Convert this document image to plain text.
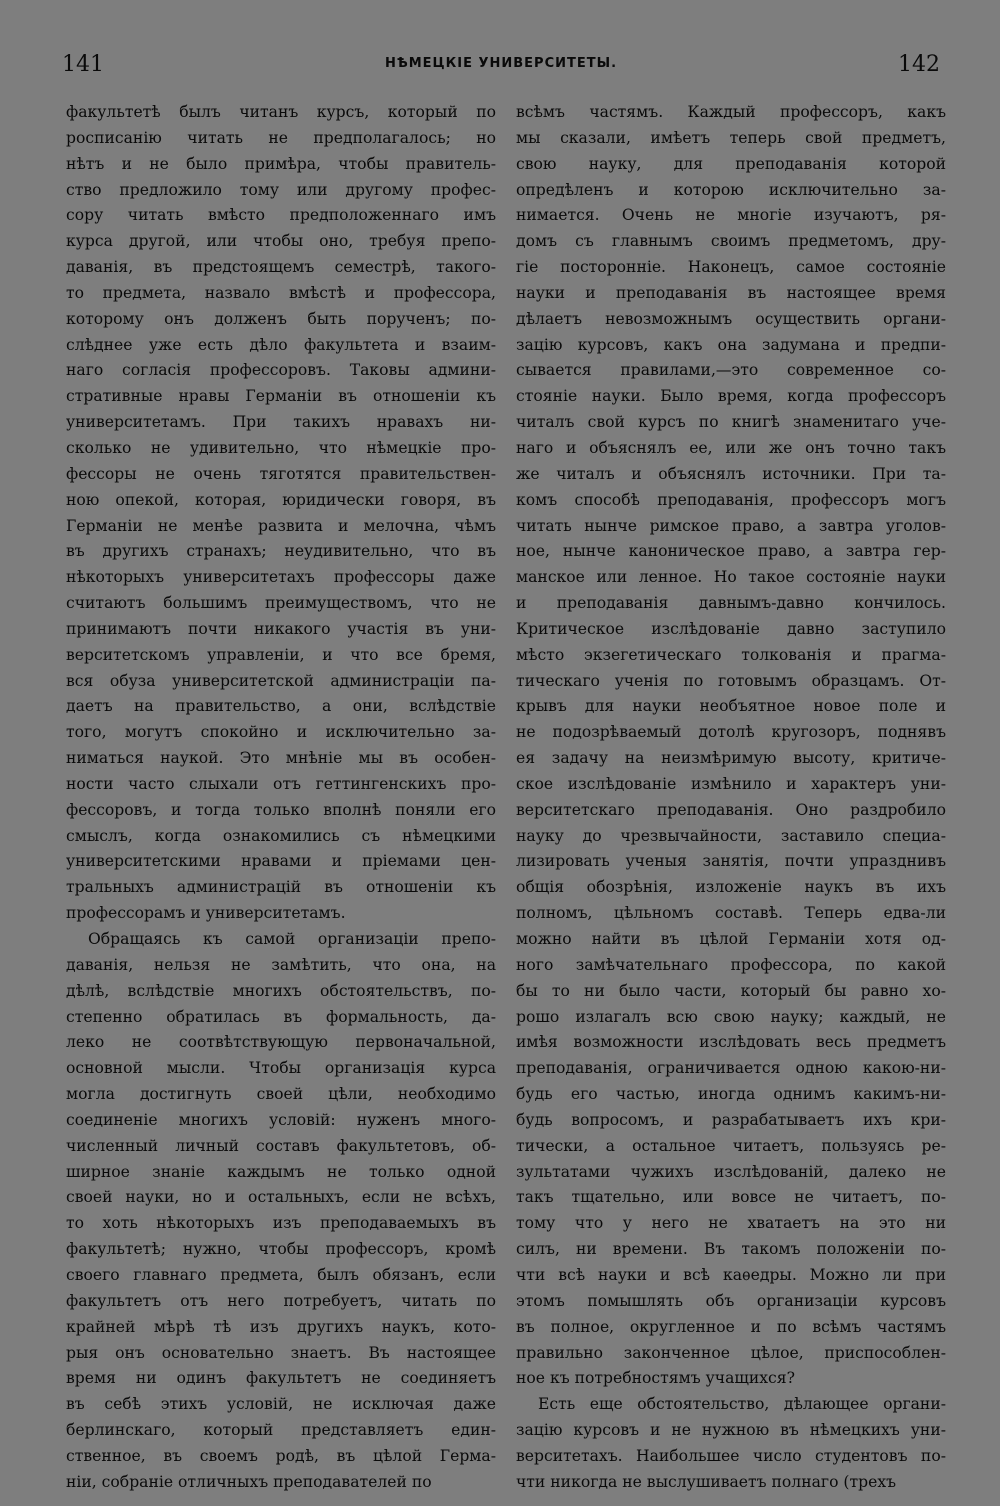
141	НѢМЕЦКІЕ УНИВЕРСИТЕТЫ.	142

факультетѣ былъ читанъ курсъ, который по

росписанію читать не предполагалось; но

нѣтъ и не было примѣра, чтобы правитель-

ство предложило тому или другому профес-

сору читать вмѣсто предположеннаго имъ

курса другой, или чтобы оно, требуя препо-

даванія, въ предстоящемъ семестрѣ, такого-

то предмета, назвало вмѣстѣ и профессора,

которому онъ долженъ быть порученъ; по-

слѣднее уже есть дѣло факультета и взаим-

наго согласія профессоровъ. Таковы админи-

стративные нравы Германіи въ отношеніи къ

университетамъ. При такихъ нравахъ ни-

сколько не удивительно, что нѣмецкіе про-

фессоры не очень тяготятся правительствен-

ною опекой, которая, юридически говоря, въ

Германіи не менѣе развита и мелочна, чѣмъ

въ другихъ странахъ; неудивительно, что въ

нѣкоторыхъ университетахъ профессоры даже

считаютъ большимъ преимуществомъ, что не

принимаютъ почти никакого участія въ уни-

верситетскомъ управленіи, и что все бремя,

вся обуза университетской администраціи па-

даетъ на правительство, а они, вслѣдствіе

того, могутъ спокойно и исключительно за-

ниматься наукой. Это мнѣніе мы въ особен-

ности часто слыхали отъ геттингенскихъ про-

фессоровъ, и тогда только вполнѣ поняли его

смыслъ, когда ознакомились съ нѣмецкими

университетскими нравами и пріемами цен-

тральныхъ администрацій въ отношеніи къ

профессорамъ и университетамъ.

Обращаясь къ самой организаціи препо-

даванія, нельзя не замѣтить, что она, на

дѣлѣ, вслѣдствіе многихъ обстоятельствъ, по-

степенно обратилась въ формальность, да-

леко не соотвѣтствующую первоначальной,

основной мысли. Чтобы организація курса

могла достигнуть своей цѣли, необходимо

соединеніе многихъ условій: нуженъ много-

численный личный составъ факультетовъ, об-

ширное знаніе каждымъ не только одной

своей науки, но и остальныхъ, если не всѣхъ,

то хоть нѣкоторыхъ изъ преподаваемыхъ въ

факультетѣ; нужно, чтобы профессоръ, кромѣ

своего главнаго предмета, былъ обязанъ, если

факультетъ отъ него потребуетъ, читать по

крайней мѣрѣ тѣ изъ другихъ наукъ, кото-

рыя онъ основательно знаетъ. Въ настоящее

время ни одинъ факультетъ не соединяетъ

въ себѣ этихъ условій, не исключая даже

берлинскаго, который представляетъ един-

ственное, въ своемъ родѣ, въ цѣлой Герма-

ніи, собраніе отличныхъ преподавателей по

всѣмъ частямъ. Каждый профессоръ, какъ

мы сказали, имѣетъ теперь свой предметъ,

свою науку, для преподаванія которой

опредѣленъ и которою исключительно за-

нимается. Очень не многіе изучаютъ, ря-

домъ съ главнымъ своимъ предметомъ, дру-

гіе посторонніе. Наконецъ, самое состояніе

науки и преподаванія въ настоящее время

дѣлаетъ невозможнымъ осуществить органи-

зацію курсовъ, какъ она задумана и предпи-

сывается правилами,—это современное со-

стояніе науки. Было время, когда профессоръ

читалъ свой курсъ по книгѣ знаменитаго уче-

наго и объяснялъ ее, или же онъ точно такъ

же читалъ и объяснялъ источники. При та-

комъ способѣ преподаванія, профессоръ могъ

читать нынче римское право, а завтра уголов-

ное, нынче каноническое право, а завтра гер-

манское или ленное. Но такое состояніе науки

и преподаванія давнымъ-давно кончилось.

Критическое изслѣдованіе давно заступило

мѣсто экзегетическаго толкованія и прагма-

тическаго ученія по готовымъ образцамъ. От-

крывъ для науки необъятное новое поле и

не подозрѣваемый дотолѣ кругозоръ, поднявъ

ея задачу на неизмѣримую высоту, критиче-

ское изслѣдованіе измѣнило и характеръ уни-

верситетскаго преподаванія. Оно раздробило

науку до чрезвычайности, заставило специа-

лизировать ученыя занятія, почти упразднивъ

общія обозрѣнія, изложеніе наукъ въ ихъ

полномъ, цѣльномъ составѣ. Теперь едва-ли

можно найти въ цѣлой Германіи хотя од-

ного замѣчательнаго профессора, по какой

бы то ни было части, который бы равно хо-

рошо излагалъ всю свою науку; каждый, не

имѣя возможности изслѣдовать весь предметъ

преподаванія, ограничивается одною какою-ни-

будь его частью, иногда однимъ какимъ-ни-

будь вопросомъ, и разрабатываетъ ихъ кри-

тически, а остальное читаетъ, пользуясь ре-

зультатами чужихъ изслѣдованій, далеко не

такъ тщательно, или вовсе не читаетъ, по-

тому что у него не хватаетъ на это ни

силъ, ни времени. Въ такомъ положеніи по-

чти всѣ науки и всѣ каѳедры. Можно ли при

этомъ помышлять объ организаціи курсовъ

въ полное, округленное и по всѣмъ частямъ

правильно законченное цѣлое, приспособлен-

ное къ потребностямъ учащихся?

Есть еще обстоятельство, дѣлающее органи-

зацію курсовъ и не нужною въ нѣмецкихъ уни-

верситетахъ. Наибольшее число студентовъ по-

чти никогда не выслушиваетъ полнаго (трехъ
